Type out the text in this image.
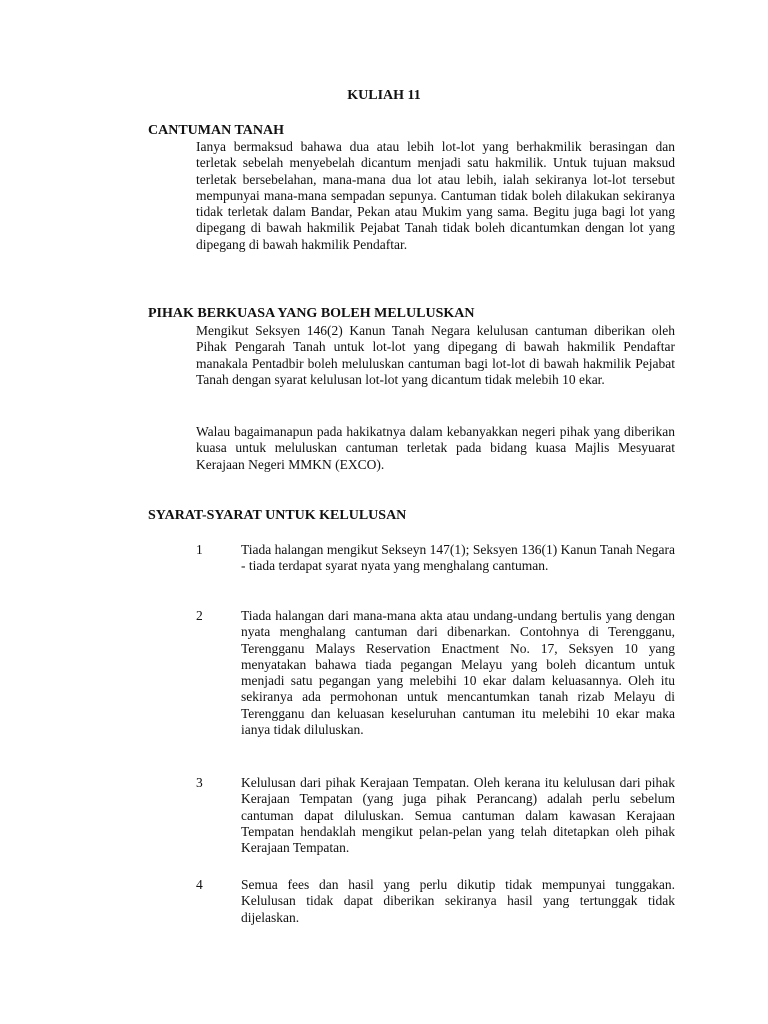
KULIAH 11
CANTUMAN TANAH
Ianya bermaksud bahawa dua atau lebih lot-lot yang berhakmilik berasingan dan terletak sebelah menyebelah dicantum menjadi satu hakmilik. Untuk tujuan maksud terletak bersebelahan, mana-mana dua lot atau lebih, ialah sekiranya lot-lot tersebut mempunyai mana-mana sempadan sepunya. Cantuman tidak boleh dilakukan sekiranya tidak terletak dalam Bandar, Pekan atau Mukim yang sama. Begitu juga bagi lot yang dipegang di bawah hakmilik Pejabat Tanah tidak boleh dicantumkan dengan lot yang dipegang di bawah hakmilik Pendaftar.
PIHAK BERKUASA YANG BOLEH MELULUSKAN
Mengikut Seksyen 146(2) Kanun Tanah Negara kelulusan cantuman diberikan oleh Pihak Pengarah Tanah untuk lot-lot yang dipegang di bawah hakmilik Pendaftar manakala Pentadbir boleh meluluskan cantuman bagi lot-lot di bawah hakmilik Pejabat Tanah dengan syarat kelulusan lot-lot yang dicantum tidak melebih 10 ekar.
Walau bagaimanapun pada hakikatnya dalam kebanyakkan negeri pihak yang diberikan kuasa untuk meluluskan cantuman terletak pada bidang kuasa Majlis Mesyuarat Kerajaan Negeri MMKN (EXCO).
SYARAT-SYARAT UNTUK KELULUSAN
1	Tiada halangan mengikut Sekseyn 147(1); Seksyen 136(1) Kanun Tanah Negara - tiada terdapat syarat nyata yang menghalang cantuman.
2	Tiada halangan dari mana-mana akta atau undang-undang bertulis yang dengan nyata menghalang cantuman dari dibenarkan. Contohnya di Terengganu, Terengganu Malays Reservation Enactment No. 17, Seksyen 10 yang menyatakan bahawa tiada pegangan Melayu yang boleh dicantum untuk menjadi satu pegangan yang melebihi 10 ekar dalam keluasannya. Oleh itu sekiranya ada permohonan untuk mencantumkan tanah rizab Melayu di Terengganu dan keluasan keseluruhan cantuman itu melebihi 10 ekar maka ianya tidak diluluskan.
3	Kelulusan dari pihak Kerajaan Tempatan. Oleh kerana itu kelulusan dari pihak Kerajaan Tempatan (yang juga pihak Perancang) adalah perlu sebelum cantuman dapat diluluskan. Semua cantuman dalam kawasan Kerajaan Tempatan hendaklah mengikut pelan-pelan yang telah ditetapkan oleh pihak Kerajaan Tempatan.
4	Semua fees dan hasil yang perlu dikutip tidak mempunyai tunggakan. Kelulusan tidak dapat diberikan sekiranya hasil yang tertunggak tidak dijelaskan.
